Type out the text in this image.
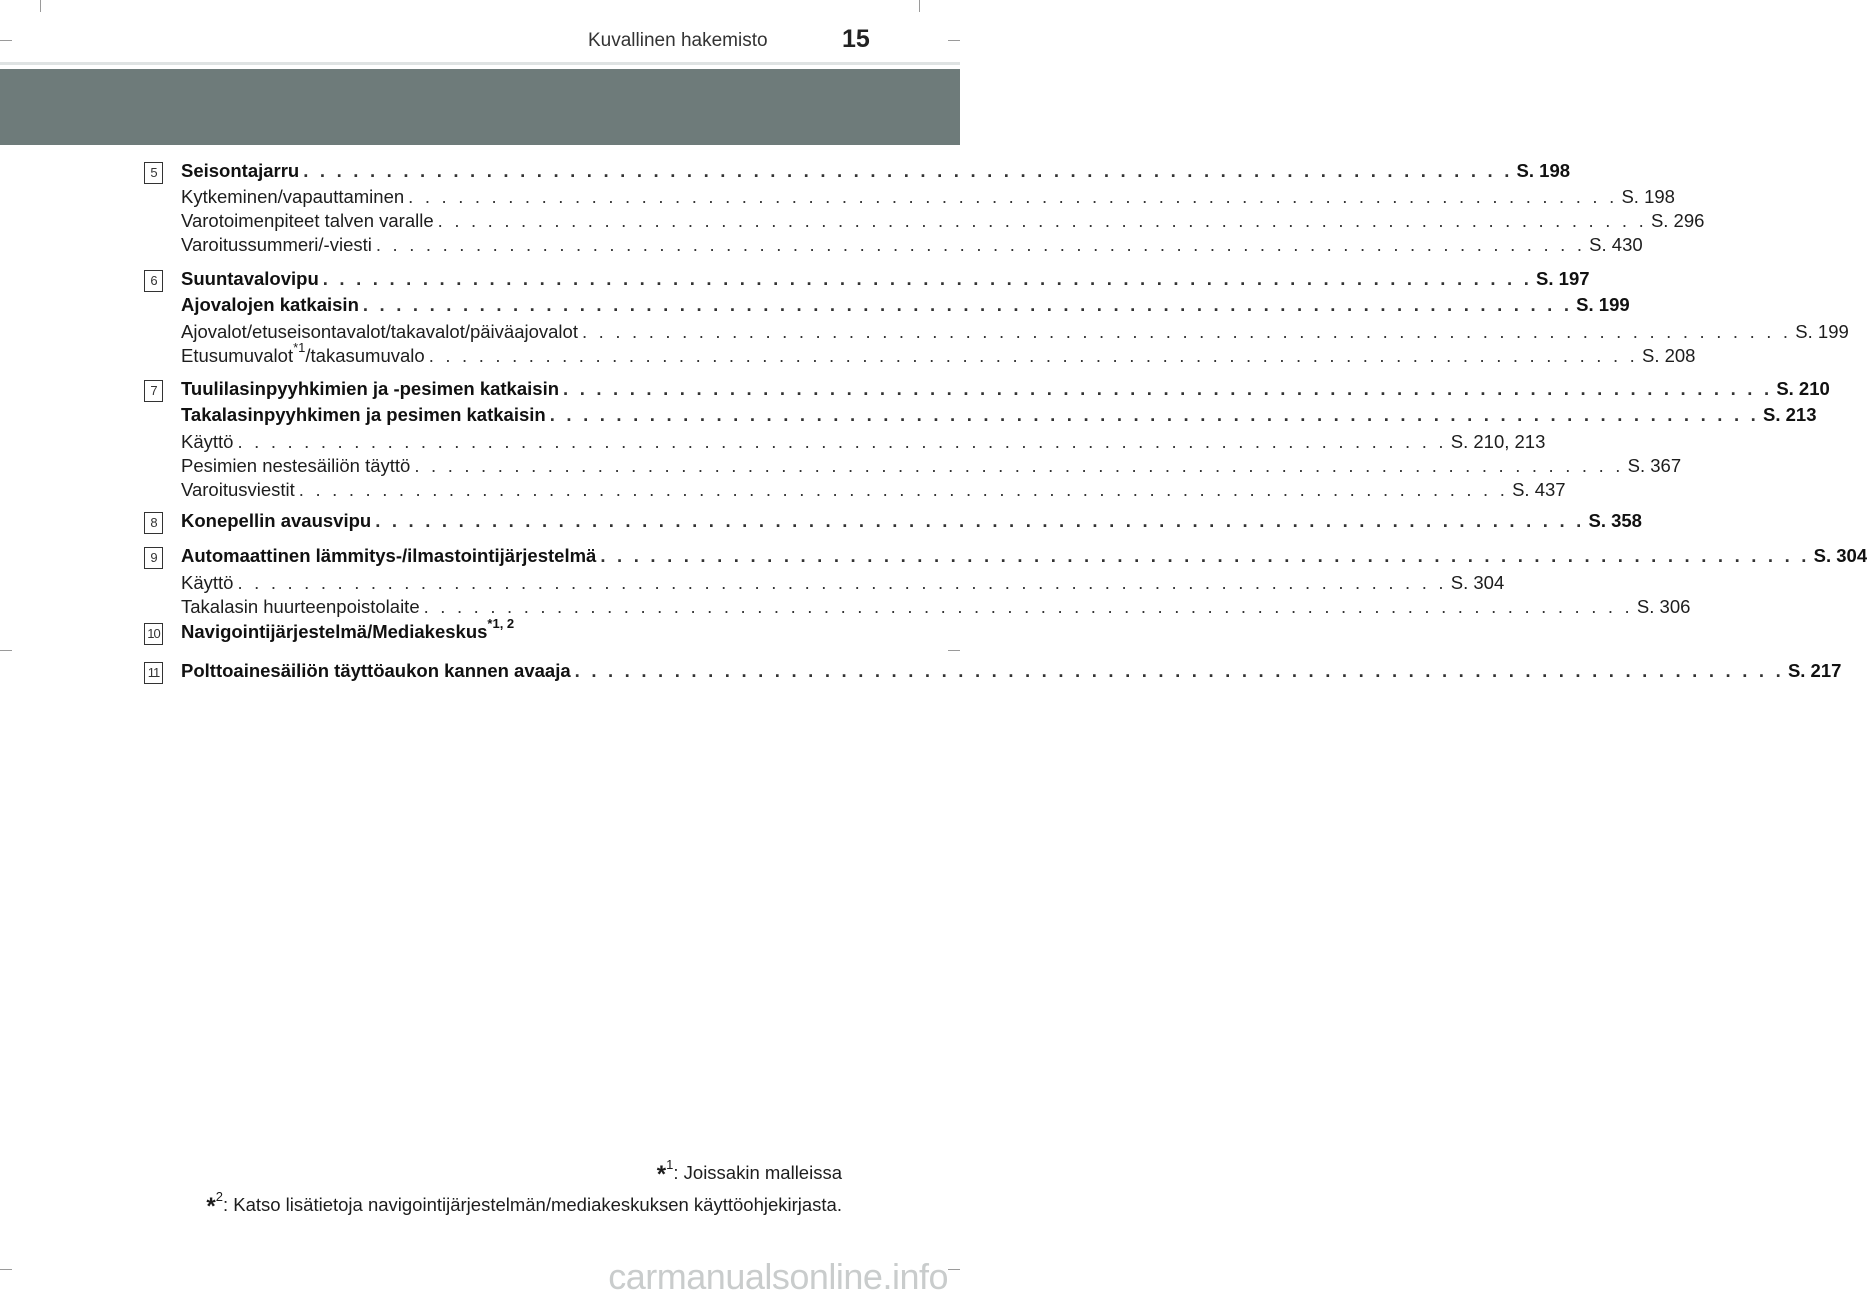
Kuvallinen hakemisto	15
5	Seisontajarru . . . . . . . . . . . . . . . . . . . . . . . . . . . . . . . . . . . . . . . . . . . . . . . . . . . . . . . . . . . . . . . . . . . . . . . . . S. 198
Kytkeminen/vapauttaminen . . . . . . . . . . . . . . . . . . . . . . . . . . . . . . . . . . . . . . . . . . . . . . . . . . . . . . . . . . . . . . . . . . . . . . . . . S. 198
Varotoimenpiteet talven varalle . . . . . . . . . . . . . . . . . . . . . . . . . . . . . . . . . . . . . . . . . . . . . . . . . . . . . . . . . . . . . . . . . . . . . . . . . S. 296
Varoitussummeri/-viesti . . . . . . . . . . . . . . . . . . . . . . . . . . . . . . . . . . . . . . . . . . . . . . . . . . . . . . . . . . . . . . . . . . . . . . . . . S. 430
6	Suuntavalovipu . . . . . . . . . . . . . . . . . . . . . . . . . . . . . . . . . . . . . . . . . . . . . . . . . . . . . . . . . . . . . . . . . . . . . . . . . S. 197
Ajovalojen katkaisin . . . . . . . . . . . . . . . . . . . . . . . . . . . . . . . . . . . . . . . . . . . . . . . . . . . . . . . . . . . . . . . . . . . . . . . . . S. 199
Ajovalot/etuseisontavalot/takavalot/päiväajovalot . . . . . . . . . . . . . . . . . . . . . . . . . . . . . . . . . . . . . . . . . . . . . . . . . . . . . . . . . . . . . . . . . . . . . . . . . S. 199
Etusumuvalot$^{*1}$/takasumuvalo . . . . . . . . . . . . . . . . . . . . . . . . . . . . . . . . . . . . . . . . . . . . . . . . . . . . . . . . . . . . . . . . . . . . . . . . . S. 208
7	Tuulilasinpyyhkimien ja -pesimen katkaisin . . . . . . . . . . . . . . . . . . . . . . . . . . . . . . . . . . . . . . . . . . . . . . . . . . . . . . . . . . . . . . . . . . . . . . . . . S. 210
Takalasinpyyhkimen ja pesimen katkaisin . . . . . . . . . . . . . . . . . . . . . . . . . . . . . . . . . . . . . . . . . . . . . . . . . . . . . . . . . . . . . . . . . . . . . . . . . S. 213
Käyttö . . . . . . . . . . . . . . . . . . . . . . . . . . . . . . . . . . . . . . . . . . . . . . . . . . . . . . . . . . . . . . . . . . . . . . . . . S. 210, 213
Pesimien nestesäiliön täyttö . . . . . . . . . . . . . . . . . . . . . . . . . . . . . . . . . . . . . . . . . . . . . . . . . . . . . . . . . . . . . . . . . . . . . . . . . S. 367
Varoitusviestit . . . . . . . . . . . . . . . . . . . . . . . . . . . . . . . . . . . . . . . . . . . . . . . . . . . . . . . . . . . . . . . . . . . . . . . . . S. 437
8	Konepellin avausvipu . . . . . . . . . . . . . . . . . . . . . . . . . . . . . . . . . . . . . . . . . . . . . . . . . . . . . . . . . . . . . . . . . . . . . . . . . S. 358
9	Automaattinen lämmitys-/ilmastointijärjestelmä . . . . . . . . . . . . . . . . . . . . . . . . . . . . . . . . . . . . . . . . . . . . . . . . . . . . . . . . . . . . . . . . . . . . . . . . . S. 304
Käyttö . . . . . . . . . . . . . . . . . . . . . . . . . . . . . . . . . . . . . . . . . . . . . . . . . . . . . . . . . . . . . . . . . . . . . . . . . S. 304
Takalasin huurteenpoistolaite . . . . . . . . . . . . . . . . . . . . . . . . . . . . . . . . . . . . . . . . . . . . . . . . . . . . . . . . . . . . . . . . . . . . . . . . . S. 306
10 Navigointijärjestelmä/Mediakeskus$^{*1, 2}$
11 Polttoainesäiliön täyttöaukon kannen avaaja . . . . . . . . . . . . . . . . . . . . . . . . . . . . . . . . . . . . . . . . . . . . . . . . . . . . . . . . . . . . . . . . . . . . . . . . . S. 217
*$^1$: Joissakin malleissa
*$^2$: Katso lisätietoja navigointijärjestelmän/mediakeskuksen käyttöohjekirjasta.
carmanualsonline.info
